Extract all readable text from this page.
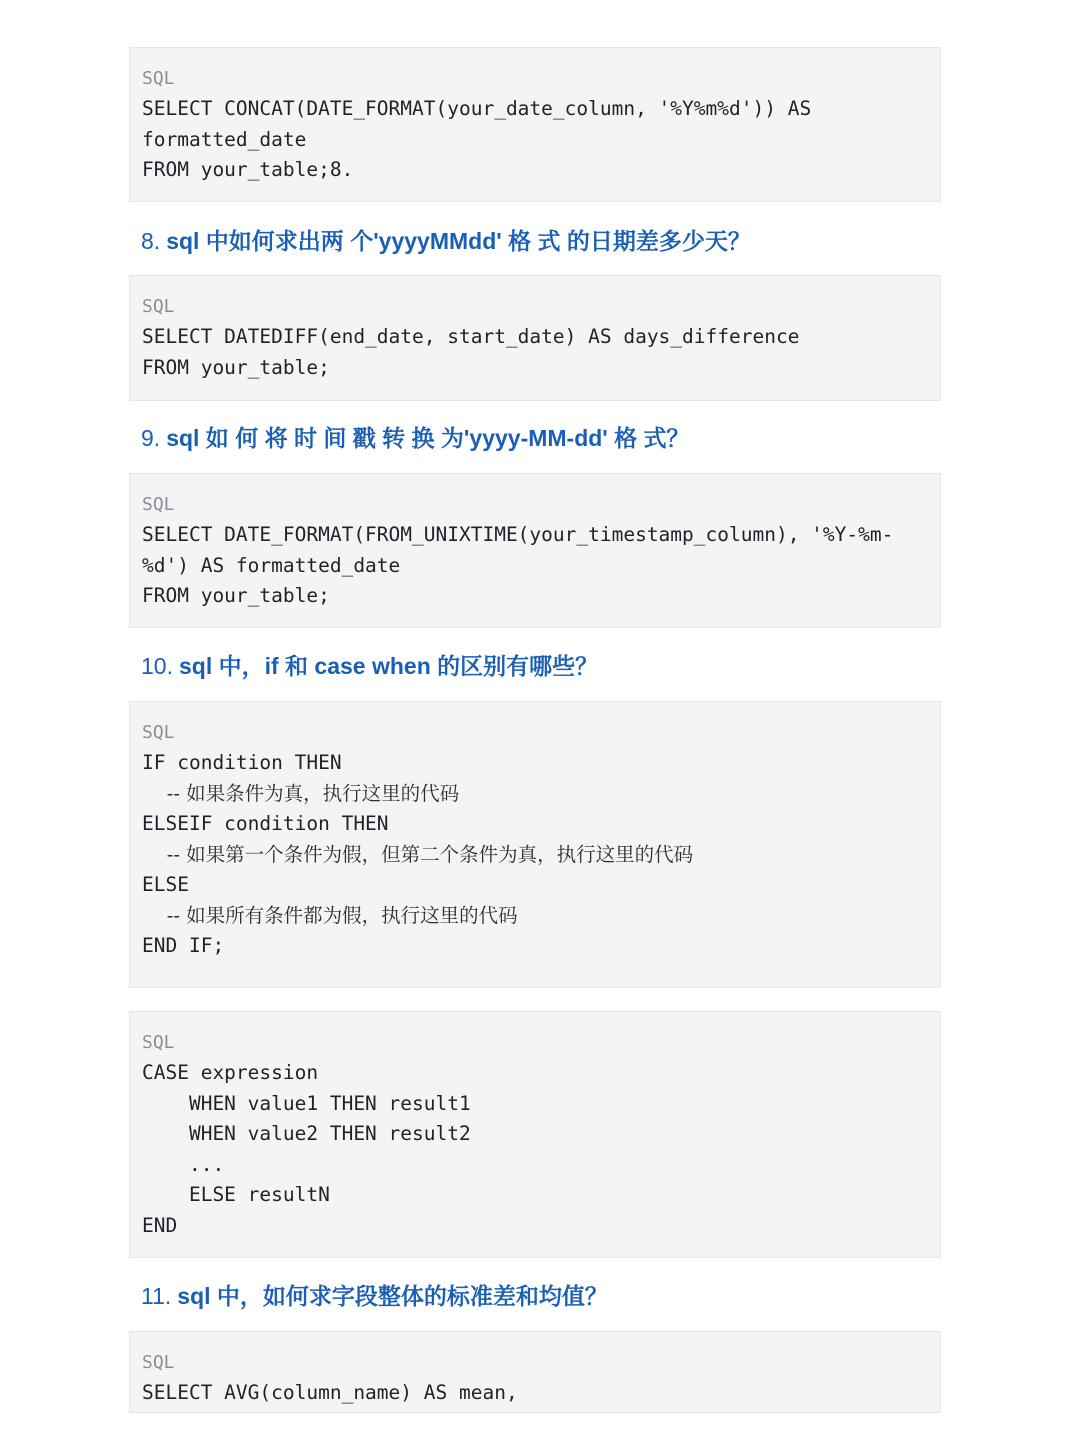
SQL
SELECT CONCAT(DATE_FORMAT(your_date_column, '%Y%m%d')) AS
formatted_date
FROM your_table;8.
8. sql 中如何求出两 个'yyyyMMdd' 格 式 的日期差多少天？
SQL
SELECT DATEDIFF(end_date, start_date) AS days_difference
FROM your_table;
9. sql 如 何 将 时 间 戳 转 换 为'yyyy-MM-dd' 格 式？
SQL
SELECT DATE_FORMAT(FROM_UNIXTIME(your_timestamp_column), '%Y-%m-
%d') AS formatted_date
FROM your_table;
10. sql 中，if 和 case when 的区别有哪些？
SQL
IF condition THEN
-- 如果条件为真，执行这里的代码
ELSEIF condition THEN
-- 如果第一个条件为假，但第二个条件为真，执行这里的代码
ELSE
-- 如果所有条件都为假，执行这里的代码
END IF;
SQL
CASE expression
WHEN value1 THEN result1
WHEN value2 THEN result2
...
ELSE resultN
END
11. sql 中，如何求字段整体的标准差和均值？
SQL
SELECT AVG(column_name) AS mean,
